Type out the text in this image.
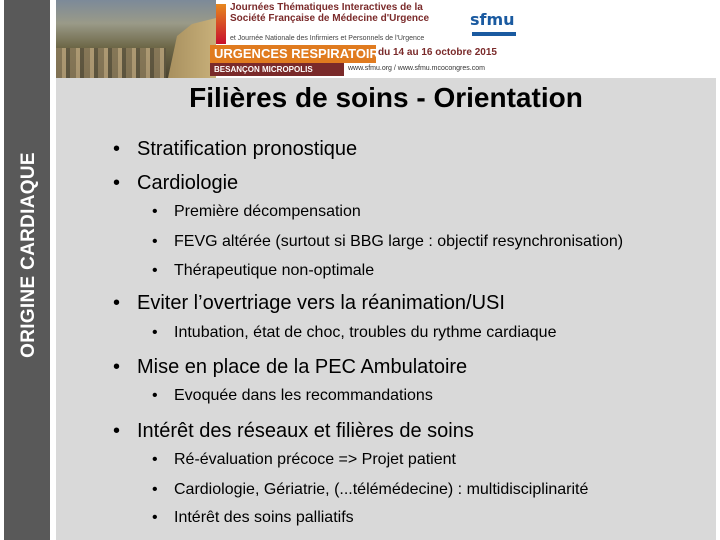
ORIGINE CARDIAQUE
Journées Thématiques Interactives de la
Société Française de Médecine d'Urgence
et Journée Nationale des Infirmiers et Personnels de l'Urgence
URGENCES RESPIRATOIRES
du 14 au 16 octobre 2015
BESANÇON MICROPOLIS	www.sfmu.org / www.sfmu.mcocongres.com
sfmu
Filières de soins - Orientation
• Stratification pronostique
• Cardiologie
• Première décompensation
• FEVG altérée (surtout si BBG large : objectif resynchronisation)
• Thérapeutique non-optimale
• Eviter l’overtriage vers la réanimation/USI
• Intubation, état de choc, troubles du rythme cardiaque
• Mise en place de la PEC Ambulatoire
• Evoquée dans les recommandations
• Intérêt des réseaux et filières de soins
• Ré-évaluation précoce => Projet patient
• Cardiologie, Gériatrie, (...télémédecine) : multidisciplinarité
• Intérêt des soins palliatifs
